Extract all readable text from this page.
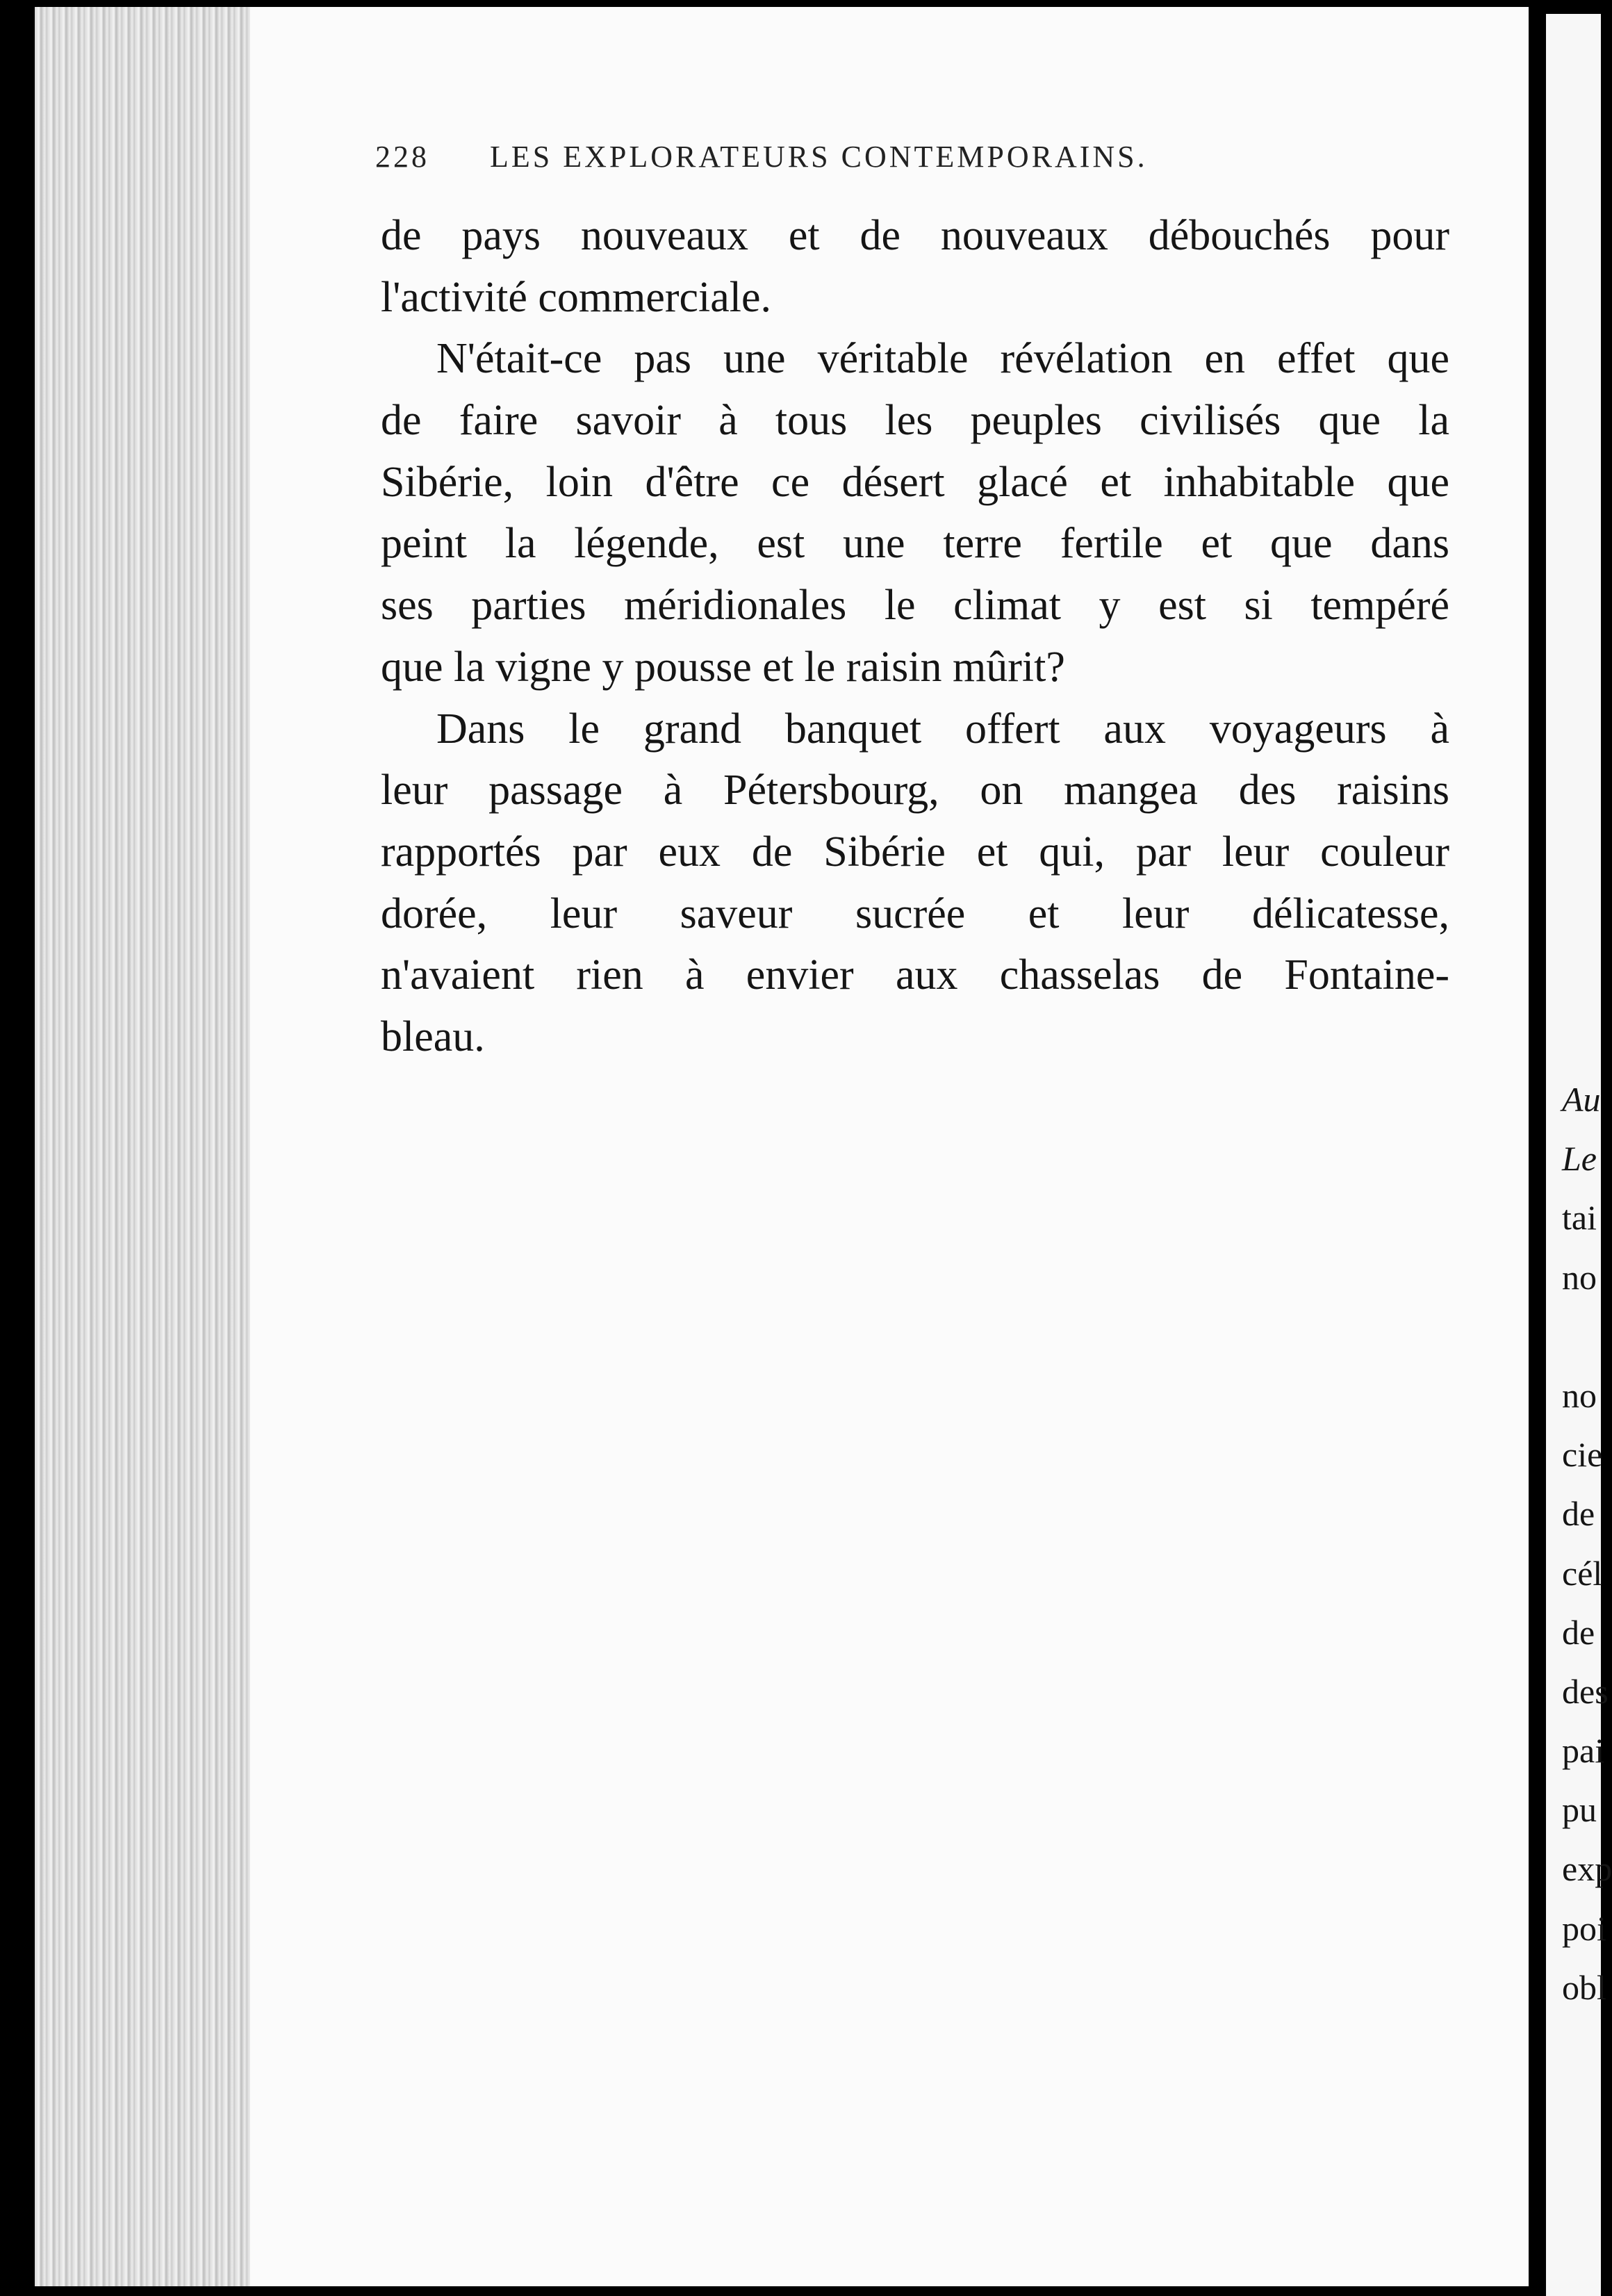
228 LES EXPLORATEURS CONTEMPORAINS.
de pays nouveaux et de nouveaux débouchés pour
l'activité commerciale.
N'était-ce pas une véritable révélation en effet que
de faire savoir à tous les peuples civilisés que la
Sibérie, loin d'être ce désert glacé et inhabitable que
peint la légende, est une terre fertile et que dans
ses parties méridionales le climat y est si tempéré
que la vigne y pousse et le raisin mûrit?
Dans le grand banquet offert aux voyageurs à
leur passage à Pétersbourg, on mangea des raisins
rapportés par eux de Sibérie et qui, par leur couleur
dorée, leur saveur sucrée et leur délicatesse,
n'avaient rien à envier aux chasselas de Fontaine-
bleau.
Au
Le
tai
no
no
cie
de
cél
de
des
pai
pu
exp
poi
obl
